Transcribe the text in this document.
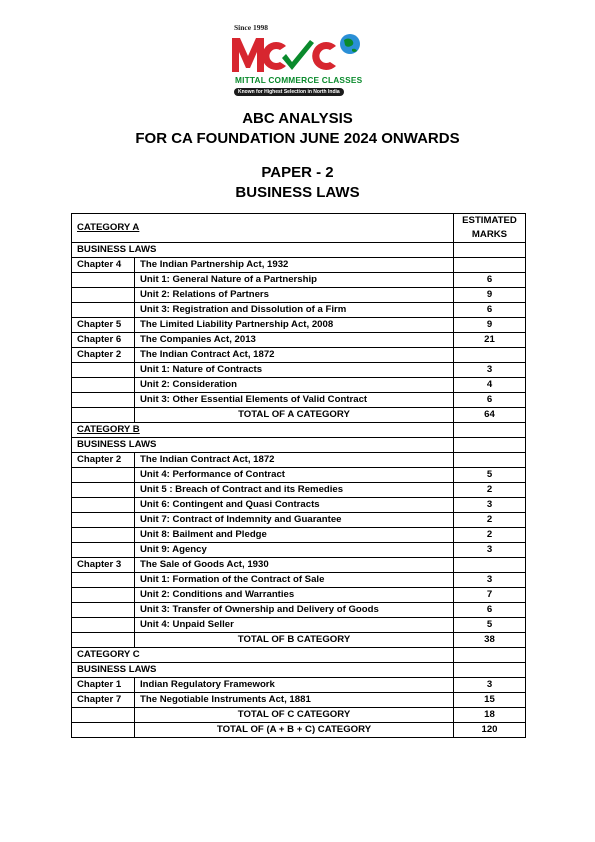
Since 1998
MITTAL COMMERCE CLASSES
Known for Highest Selection in North India
ABC ANALYSIS
FOR CA FOUNDATION JUNE 2024 ONWARDS
PAPER - 2
BUSINESS LAWS
CATEGORY A		ESTIMATED
MARKS

BUSINESS LAWS		
Chapter 4	The Indian Partnership Act, 1932	
	Unit 1: General Nature of a Partnership	6
	Unit 2: Relations of Partners	9
	Unit 3: Registration and Dissolution of a Firm	6
Chapter 5	The Limited Liability Partnership Act, 2008	9
Chapter 6	The Companies Act, 2013	21
Chapter 2	The Indian Contract Act, 1872	
	Unit 1: Nature of Contracts	3
	Unit 2: Consideration	4
	Unit 3: Other Essential Elements of Valid Contract	6
	TOTAL OF A CATEGORY	64
CATEGORY B		
BUSINESS LAWS		
Chapter 2	The Indian Contract Act, 1872	
	Unit 4: Performance of Contract	5
	Unit 5 : Breach of Contract and its Remedies	2
	Unit 6: Contingent and Quasi Contracts	3
	Unit 7: Contract of Indemnity and Guarantee	2
	Unit 8: Bailment and Pledge	2
	Unit 9: Agency	3
Chapter 3	The Sale of Goods Act, 1930	
	Unit 1: Formation of the Contract of Sale	3
	Unit 2: Conditions and Warranties	7
	Unit 3: Transfer of Ownership and Delivery of Goods	6
	Unit 4: Unpaid Seller	5
	TOTAL OF B CATEGORY	38
CATEGORY C		
BUSINESS LAWS		
Chapter 1	Indian Regulatory Framework	3
Chapter 7	The Negotiable Instruments Act, 1881	15
	TOTAL OF C CATEGORY	18
	TOTAL OF (A + B + C) CATEGORY	120
